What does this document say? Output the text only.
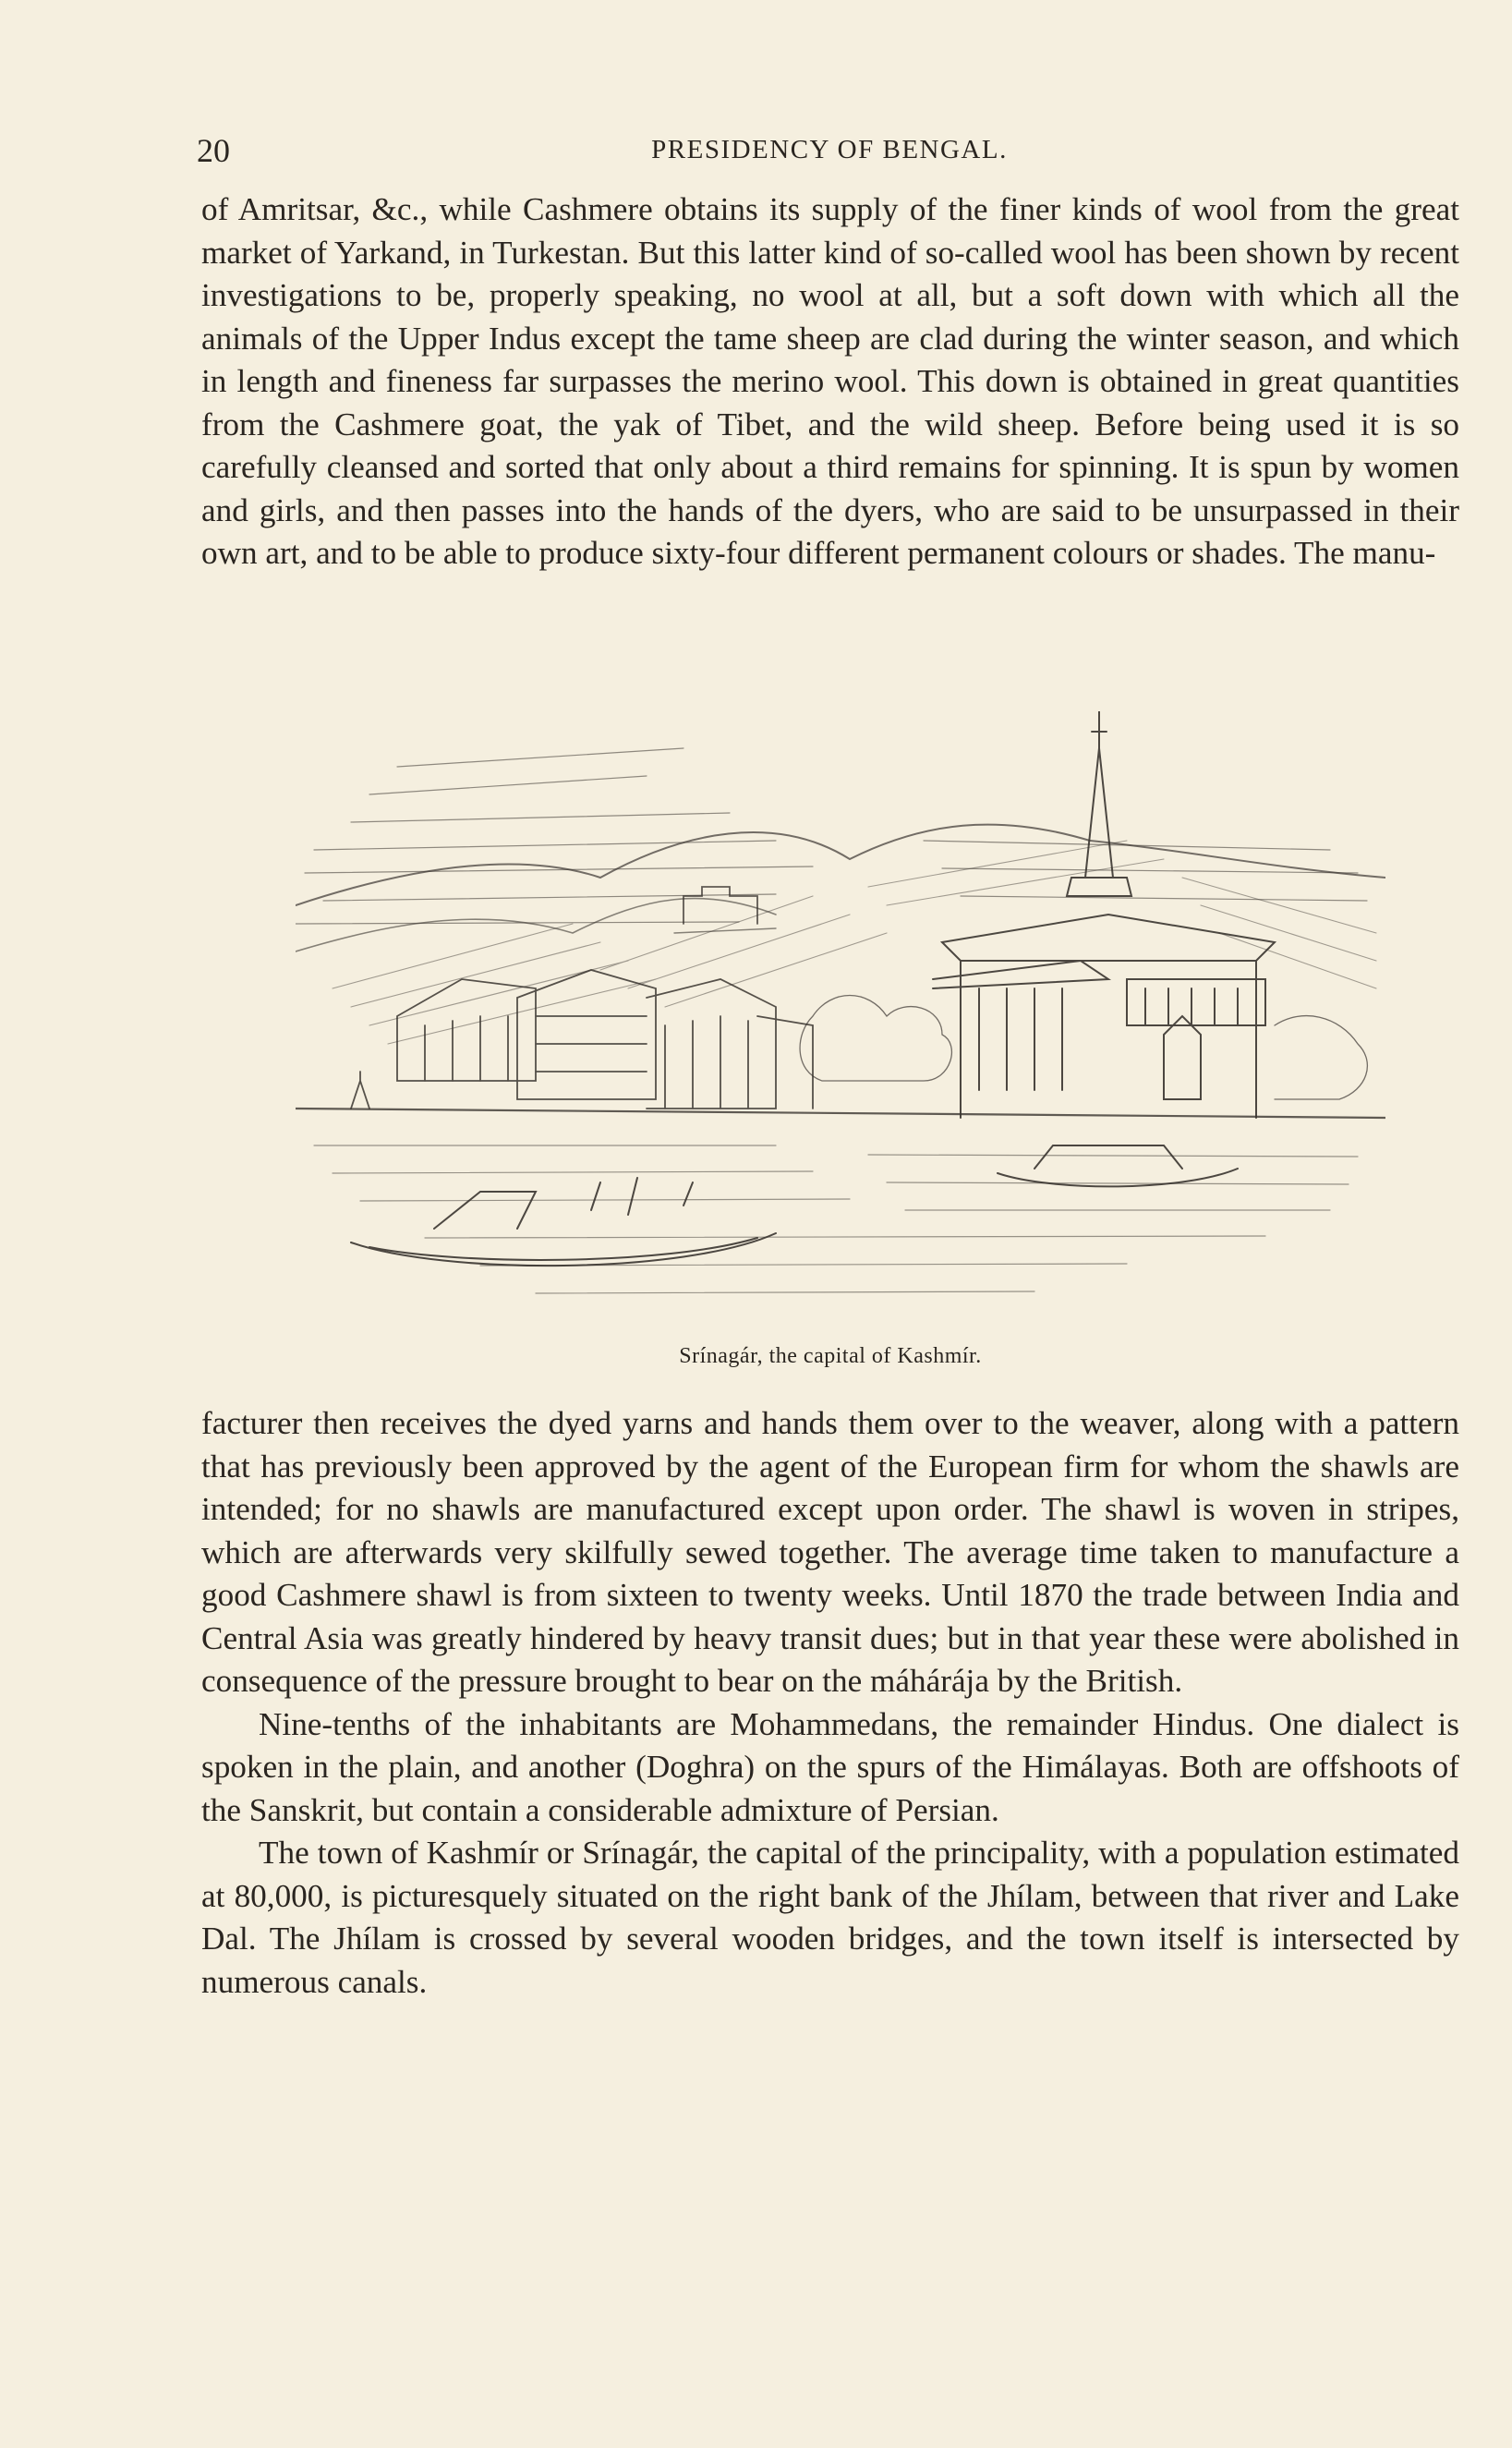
20	PRESIDENCY OF BENGAL.

of Amritsar, &c., while Cashmere obtains its supply of the finer kinds of wool from the great market of Yarkand, in Turkestan. But this latter kind of so-called wool has been shown by recent investigations to be, properly speaking, no wool at all, but a soft down with which all the animals of the Upper Indus except the tame sheep are clad during the winter season, and which in length and fineness far surpasses the merino wool. This down is obtained in great quantities from the Cashmere goat, the yak of Tibet, and the wild sheep. Before being used it is so carefully cleansed and sorted that only about a third remains for spinning. It is spun by women and girls, and then passes into the hands of the dyers, who are said to be unsurpassed in their own art, and to be able to produce sixty-four different permanent colours or shades. The manu-

Srínagár, the capital of Kashmír.

facturer then receives the dyed yarns and hands them over to the weaver, along with a pattern that has previously been approved by the agent of the European firm for whom the shawls are intended; for no shawls are manufactured except upon order. The shawl is woven in stripes, which are afterwards very skilfully sewed together. The average time taken to manufacture a good Cashmere shawl is from sixteen to twenty weeks. Until 1870 the trade between India and Central Asia was greatly hindered by heavy transit dues; but in that year these were abolished in consequence of the pressure brought to bear on the máhárája by the British.

Nine-tenths of the inhabitants are Mohammedans, the remainder Hindus. One dialect is spoken in the plain, and another (Doghra) on the spurs of the Himálayas. Both are offshoots of the Sanskrit, but contain a considerable admixture of Persian.

The town of Kashmír or Srínagár, the capital of the principality, with a population estimated at 80,000, is picturesquely situated on the right bank of the Jhílam, between that river and Lake Dal. The Jhílam is crossed by several wooden bridges, and the town itself is intersected by numerous canals.
